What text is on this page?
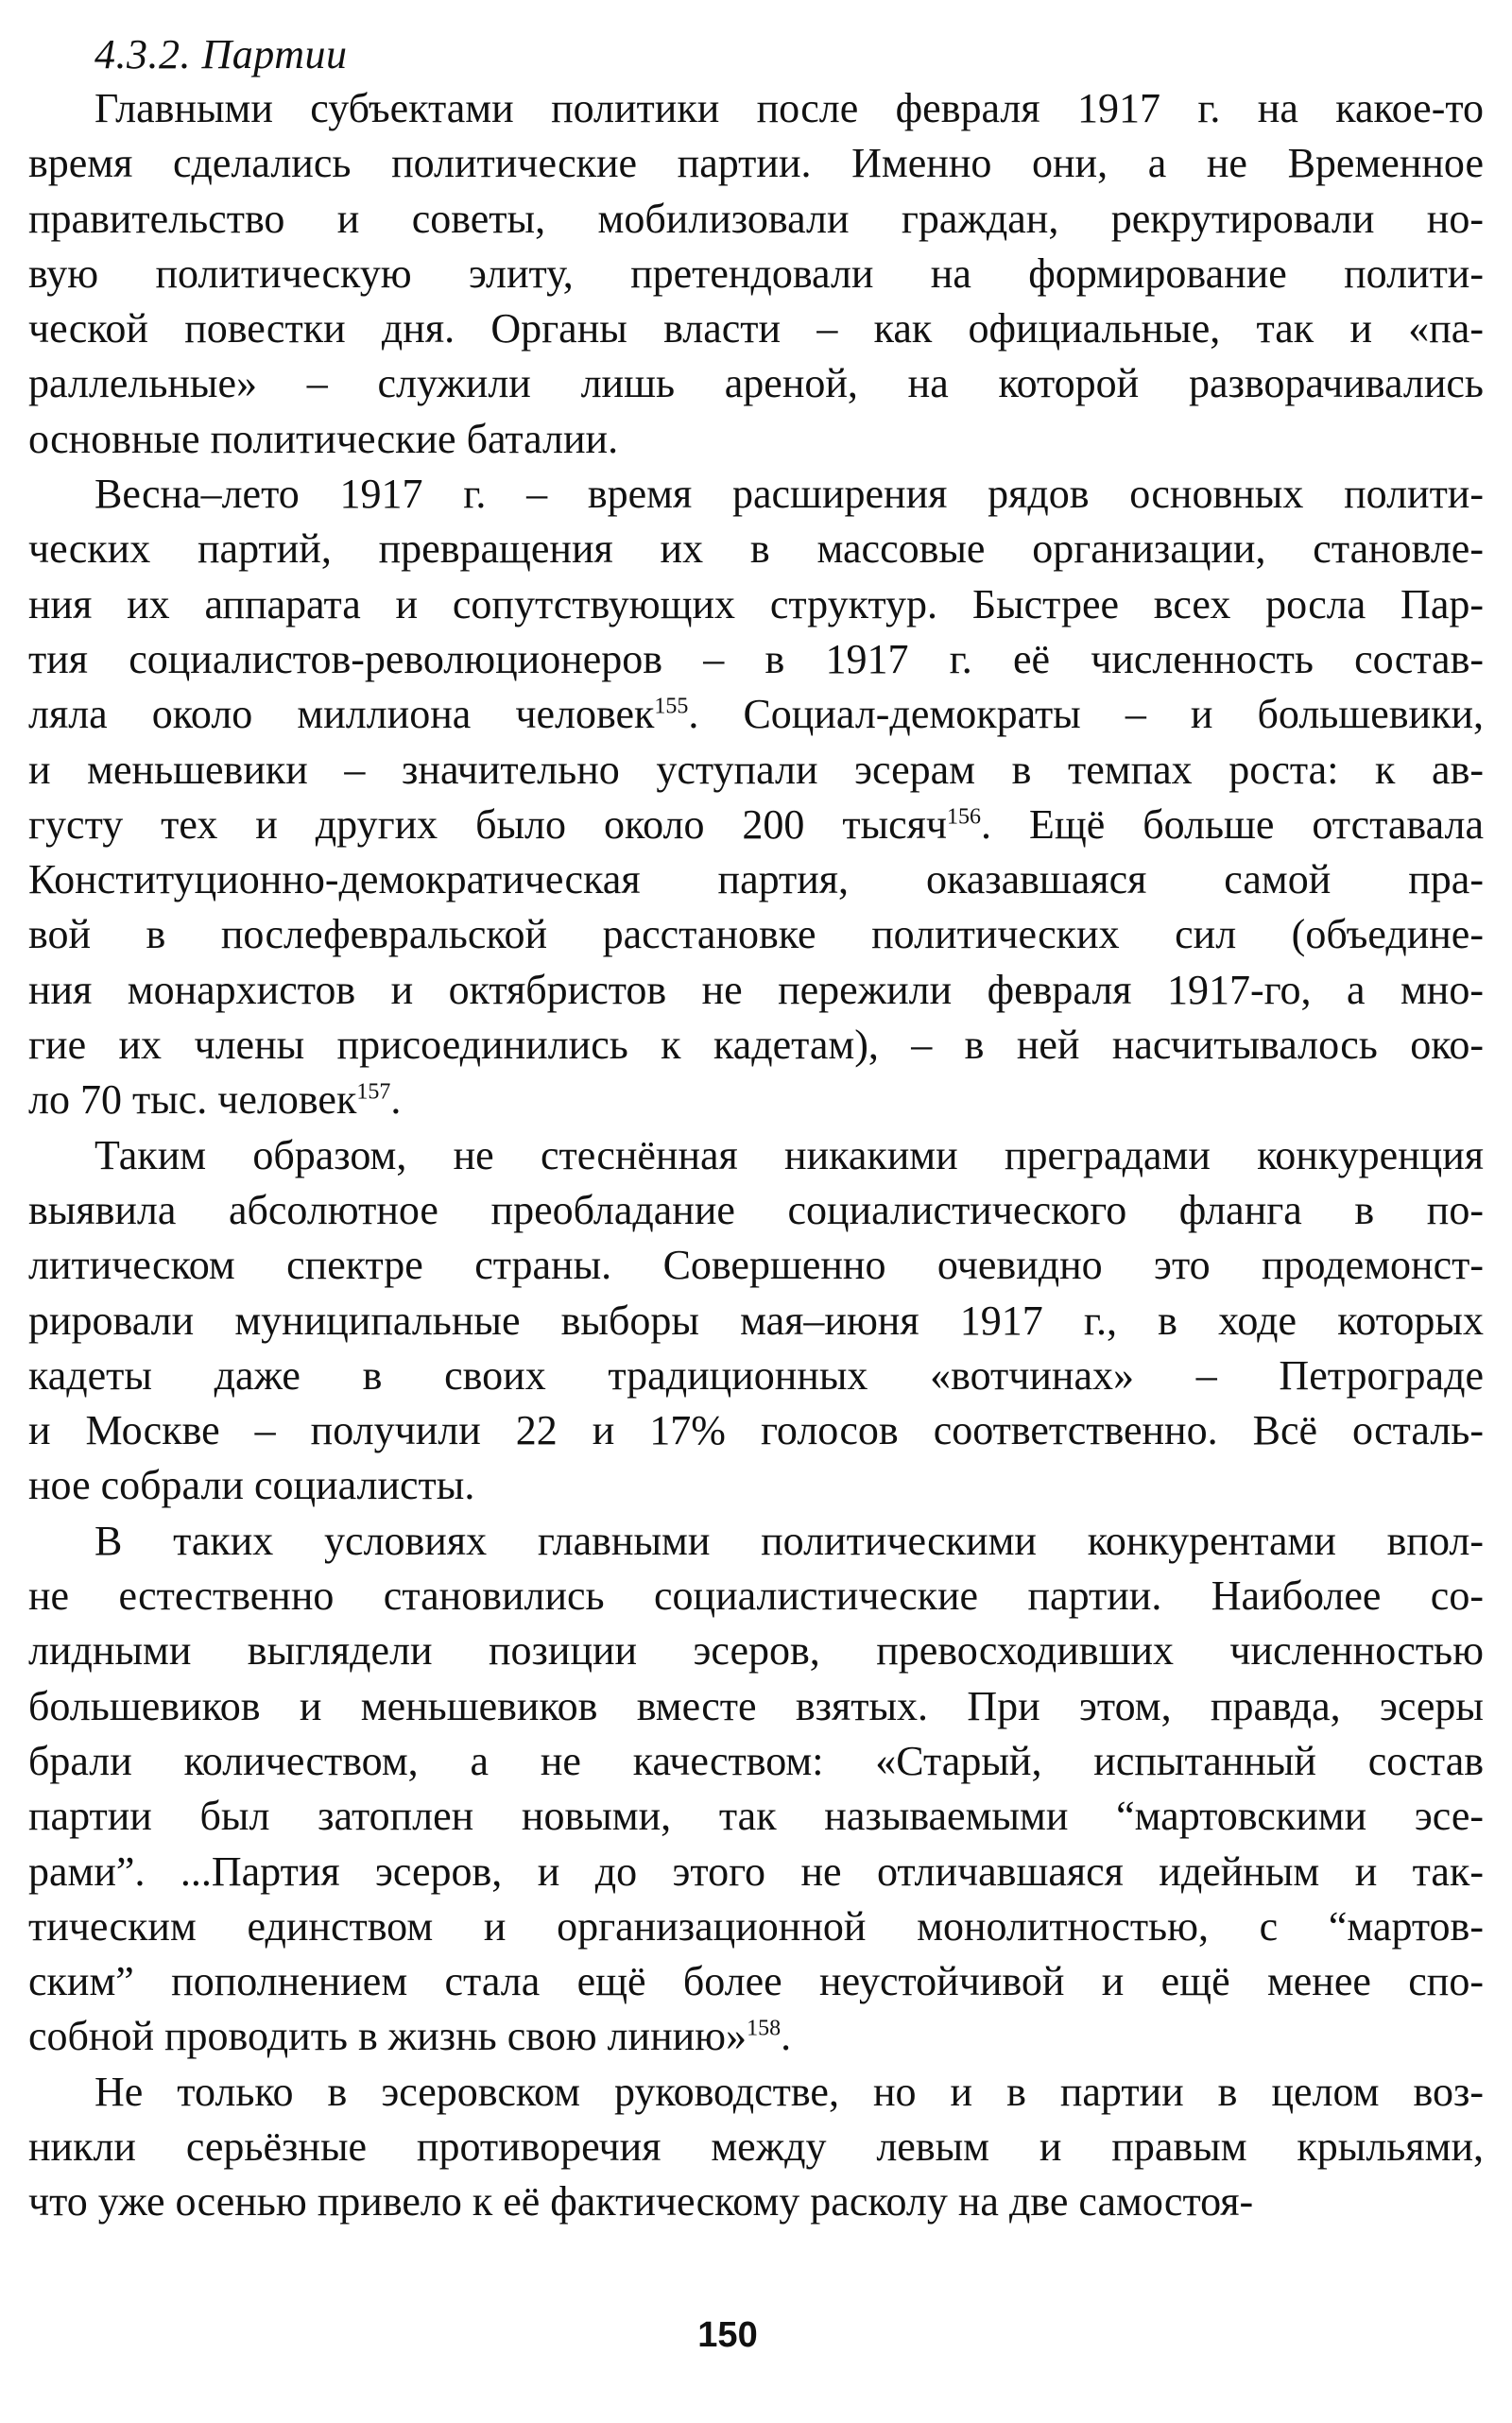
4.3.2. Партии
Главными субъектами политики после февраля 1917 г. на какое-то
время сделались политические партии. Именно они, а не Временное
правительство и советы, мобилизовали граждан, рекрутировали но-
вую политическую элиту, претендовали на формирование полити-
ческой повестки дня. Органы власти – как официальные, так и «па-
раллельные» – служили лишь ареной, на которой разворачивались
основные политические баталии.
Весна–лето 1917 г. – время расширения рядов основных полити-
ческих партий, превращения их в массовые организации, становле-
ния их аппарата и сопутствующих структур. Быстрее всех росла Пар-
тия социалистов-революционеров – в 1917 г. её численность состав-
ляла около миллиона человек$^{155}$. Социал-демократы – и большевики,
и меньшевики – значительно уступали эсерам в темпах роста: к ав-
густу тех и других было около 200 тысяч$^{156}$. Ещё больше отставала
Конституционно-демократическая партия, оказавшаяся самой пра-
вой в послефевральской расстановке политических сил (объедине-
ния монархистов и октябристов не пережили февраля 1917-го, а мно-
гие их члены присоединились к кадетам), – в ней насчитывалось око-
ло 70 тыс. человек$^{157}$.
Таким образом, не стеснённая никакими преградами конкуренция
выявила абсолютное преобладание социалистического фланга в по-
литическом спектре страны. Совершенно очевидно это продемонст-
рировали муниципальные выборы мая–июня 1917 г., в ходе которых
кадеты даже в своих традиционных «вотчинах» – Петрограде
и Москве – получили 22 и 17% голосов соответственно. Всё осталь-
ное собрали социалисты.
В таких условиях главными политическими конкурентами впол-
не естественно становились социалистические партии. Наиболее со-
лидными выглядели позиции эсеров, превосходивших численностью
большевиков и меньшевиков вместе взятых. При этом, правда, эсеры
брали количеством, а не качеством: «Старый, испытанный состав
партии был затоплен новыми, так называемыми “мартовскими эсе-
рами”. ...Партия эсеров, и до этого не отличавшаяся идейным и так-
тическим единством и организационной монолитностью, с “мартов-
ским” пополнением стала ещё более неустойчивой и ещё менее спо-
собной проводить в жизнь свою линию»$^{158}$.
Не только в эсеровском руководстве, но и в партии в целом воз-
никли серьёзные противоречия между левым и правым крыльями,
что уже осенью привело к её фактическому расколу на две самостоя-
150
